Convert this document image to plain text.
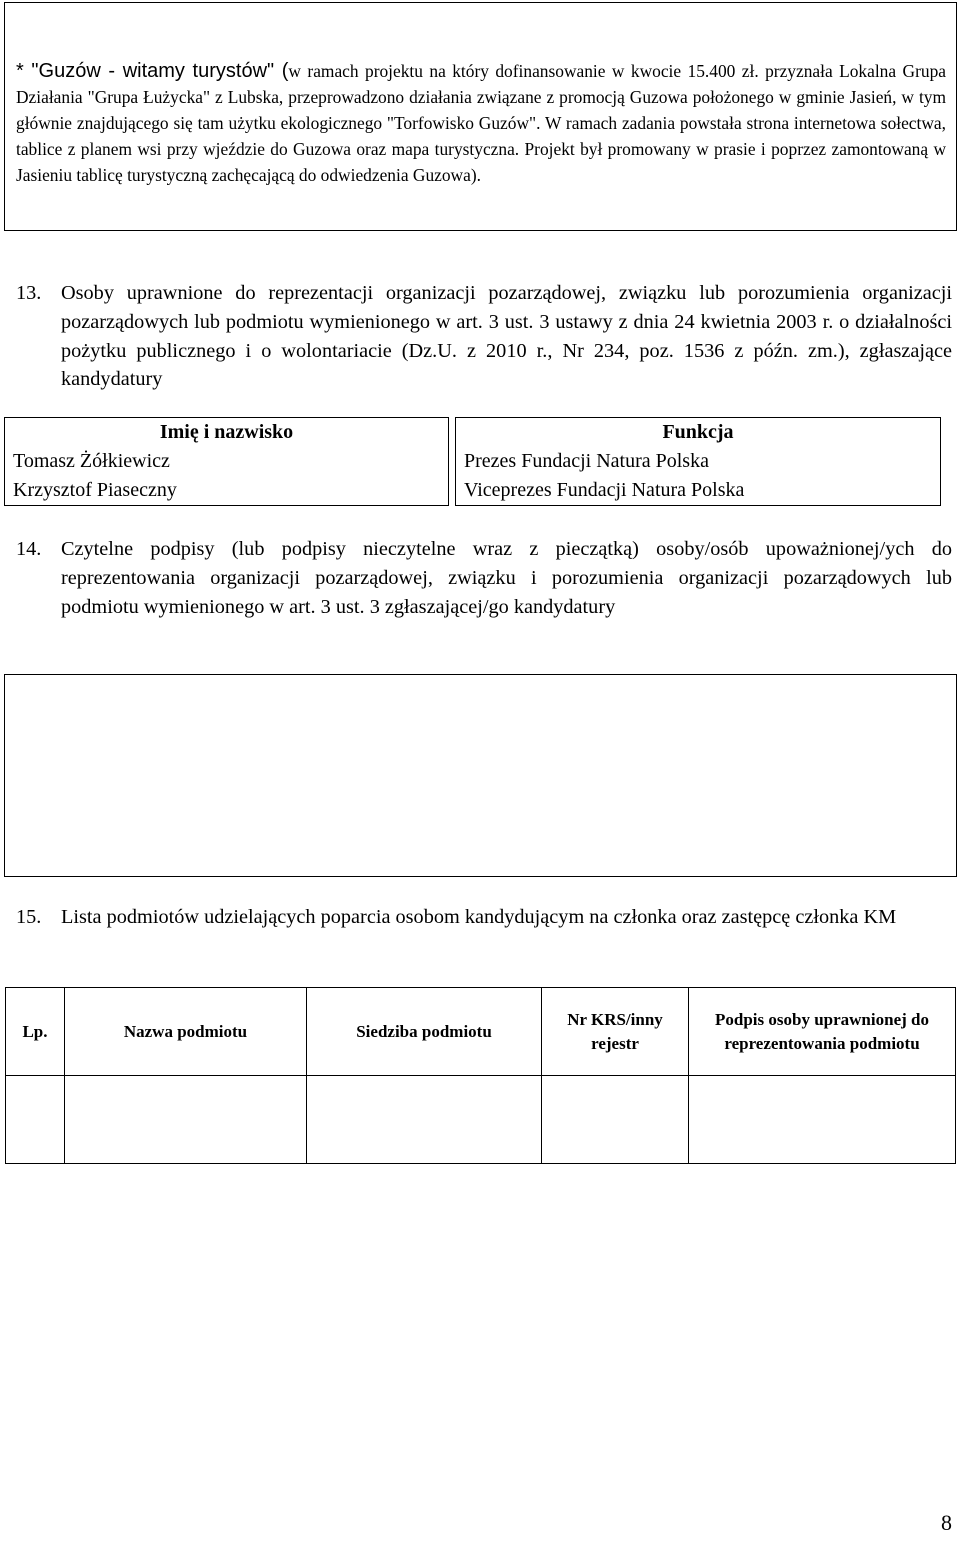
* "Guzów - witamy turystów" (w ramach projektu na który dofinansowanie w kwocie 15.400 zł. przyznała Lokalna Grupa Działania "Grupa Łużycka" z Lubska, przeprowadzono działania związane z promocją Guzowa położonego w gminie Jasień, w tym głównie znajdującego się tam użytku ekologicznego "Torfowisko Guzów". W ramach zadania powstała strona internetowa sołectwa, tablice z planem wsi przy wjeździe do Guzowa oraz mapa turystyczna. Projekt był promowany w prasie i poprzez zamontowaną w Jasieniu tablicę turystyczną zachęcającą do odwiedzenia Guzowa).
13. Osoby uprawnione do reprezentacji organizacji pozarządowej, związku lub porozumienia organizacji pozarządowych lub podmiotu wymienionego w art. 3 ust. 3 ustawy z dnia 24 kwietnia 2003 r. o działalności pożytku publicznego i o wolontariacie (Dz.U. z 2010 r., Nr 234, poz. 1536 z późn. zm.), zgłaszające kandydatury
Imię i nazwisko
Tomasz Żółkiewicz
Krzysztof Piaseczny
Funkcja
Prezes Fundacji Natura Polska
Viceprezes Fundacji Natura Polska
14. Czytelne podpisy (lub podpisy nieczytelne wraz z pieczątką) osoby/osób upoważnionej/ych do reprezentowania organizacji pozarządowej, związku i porozumienia organizacji pozarządowych lub podmiotu wymienionego w art. 3 ust. 3 zgłaszającej/go kandydatury
15. Lista podmiotów udzielających poparcia osobom kandydującym na członka oraz zastępcę członka KM
Lp.	Nazwa podmiotu	Siedziba podmiotu
Nr KRS/inny rejestr
Podpis osoby uprawnionej do reprezentowania podmiotu
8
